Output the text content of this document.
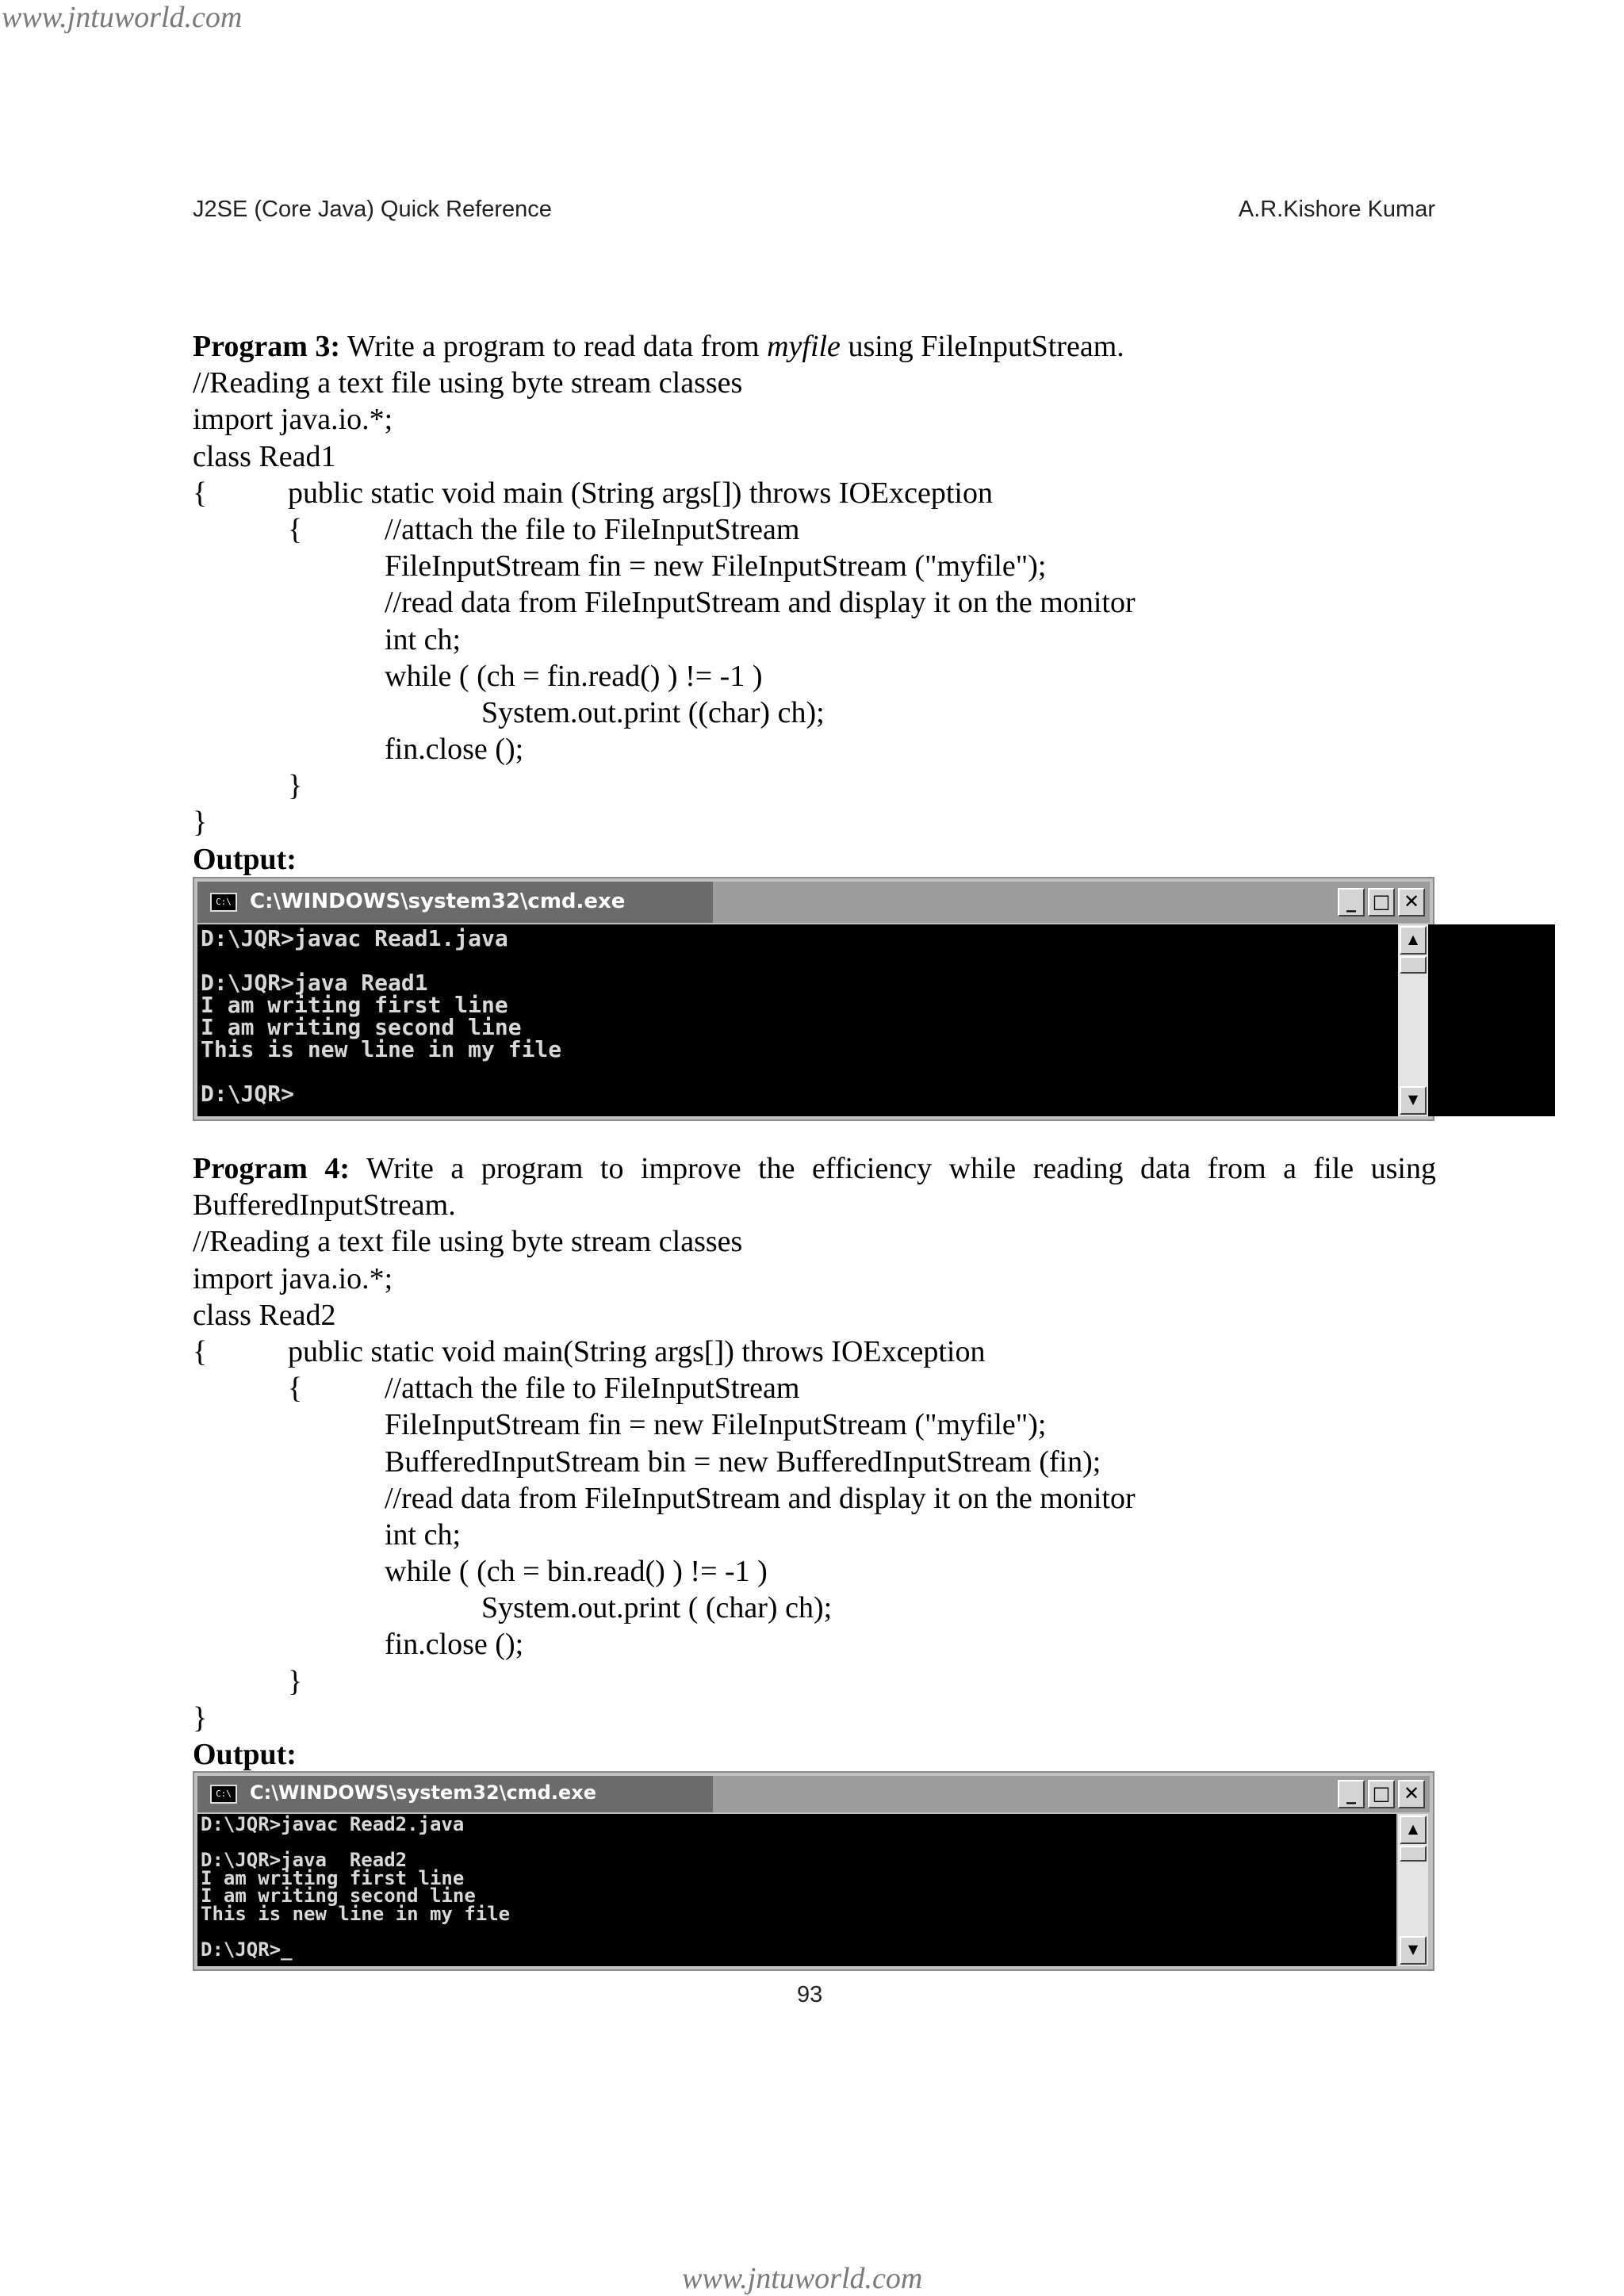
www.jntuworld.com
J2SE (Core Java) Quick Reference	A.R.Kishore Kumar
Program 3: Write a program to read data from myfile using FileInputStream.
//Reading a text file using byte stream classes
import java.io.*;
class Read1
{	public static void main (String args[]) throws IOException
{	//attach the file to FileInputStream
FileInputStream fin = new FileInputStream ("myfile");
//read data from FileInputStream and display it on the monitor
int ch;
while ( (ch = fin.read() ) != -1 )
System.out.print ((char) ch);
fin.close ();
}
}
Output:
C:\ C:\WINDOWS\system32\cmd.exe	_ □ ✕
D:\JQR>javac Read1.java

D:\JQR>java Read1
I am writing first line
I am writing second line
This is new line in my file

D:\JQR>
▲
▼
Program 4: Write a program to improve the efficiency while reading data from a file using
BufferedInputStream.
//Reading a text file using byte stream classes
import java.io.*;
class Read2
{	public static void main(String args[]) throws IOException
{	//attach the file to FileInputStream
FileInputStream fin = new FileInputStream ("myfile");
BufferedInputStream bin = new BufferedInputStream (fin);
//read data from FileInputStream and display it on the monitor
int ch;
while ( (ch = bin.read() ) != -1 )
System.out.print ( (char) ch);
fin.close ();
}
}
Output:
C:\ C:\WINDOWS\system32\cmd.exe	_ □ ✕
D:\JQR>javac Read2.java

D:\JQR>java  Read2
I am writing first line
I am writing second line
This is new line in my file

D:\JQR>_
▲
▼
93
www.jntuworld.com
